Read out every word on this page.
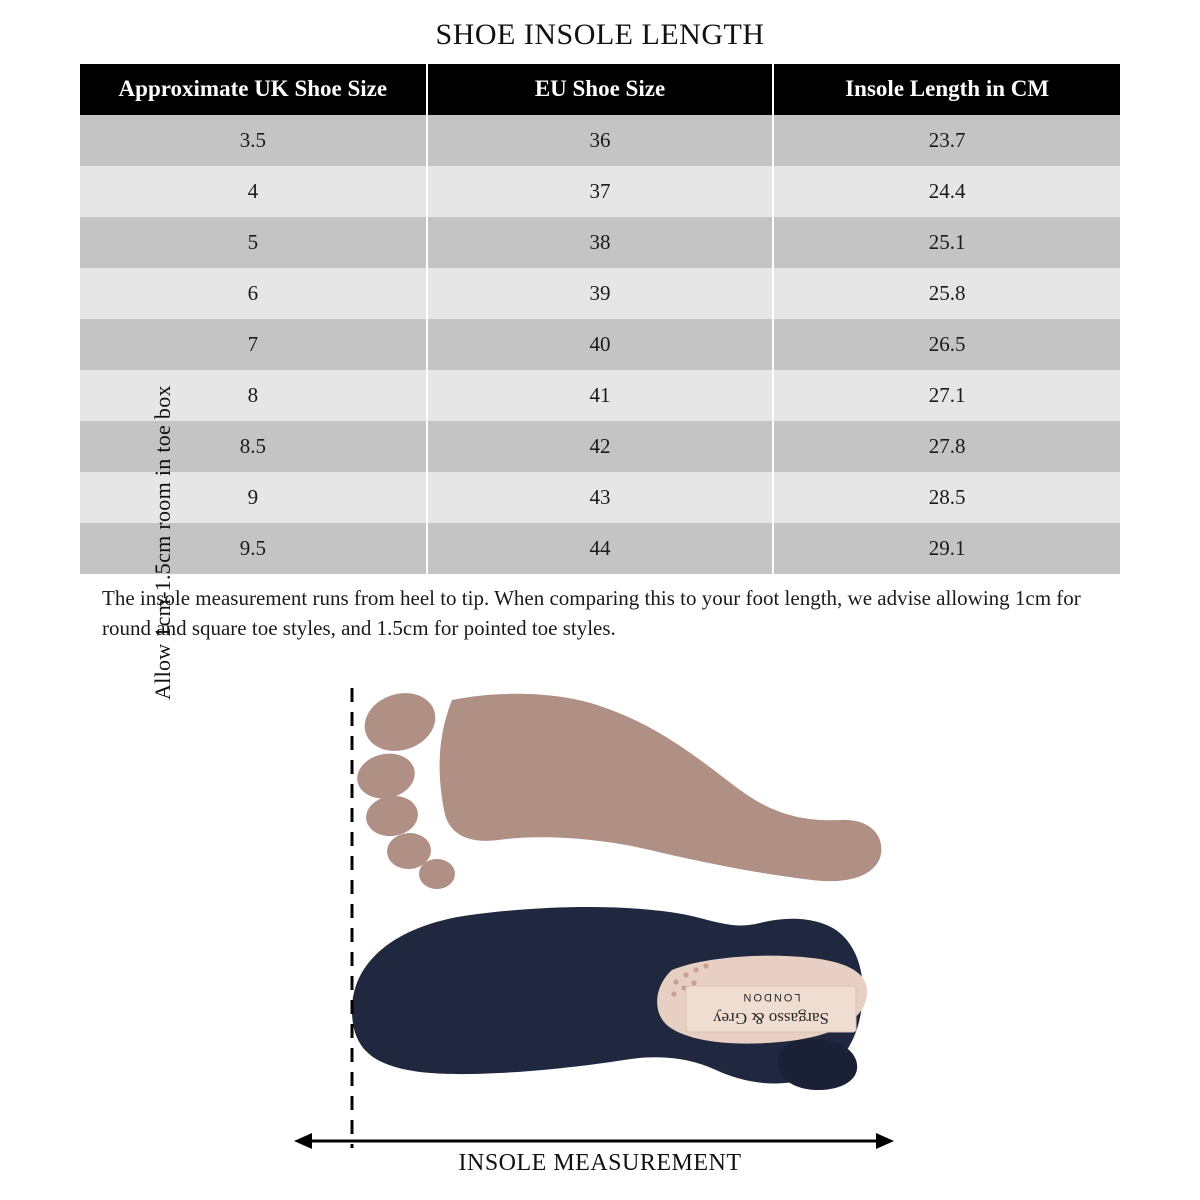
SHOE INSOLE LENGTH
Approximate UK Shoe Size	EU Shoe Size	Insole Length in CM
3.5	36	23.7
4	37	24.4
5	38	25.1
6	39	25.8
7	40	26.5
8	41	27.1
8.5	42	27.8
9	43	28.5
9.5	44	29.1
The insole measurement runs from heel to tip. When comparing this to your foot length, we advise allowing 1cm for round and square toe styles, and 1.5cm for pointed toe styles.
Sargasso & Grey
LONDON
Allow 1cm-1.5cm room in toe box
INSOLE MEASUREMENT
